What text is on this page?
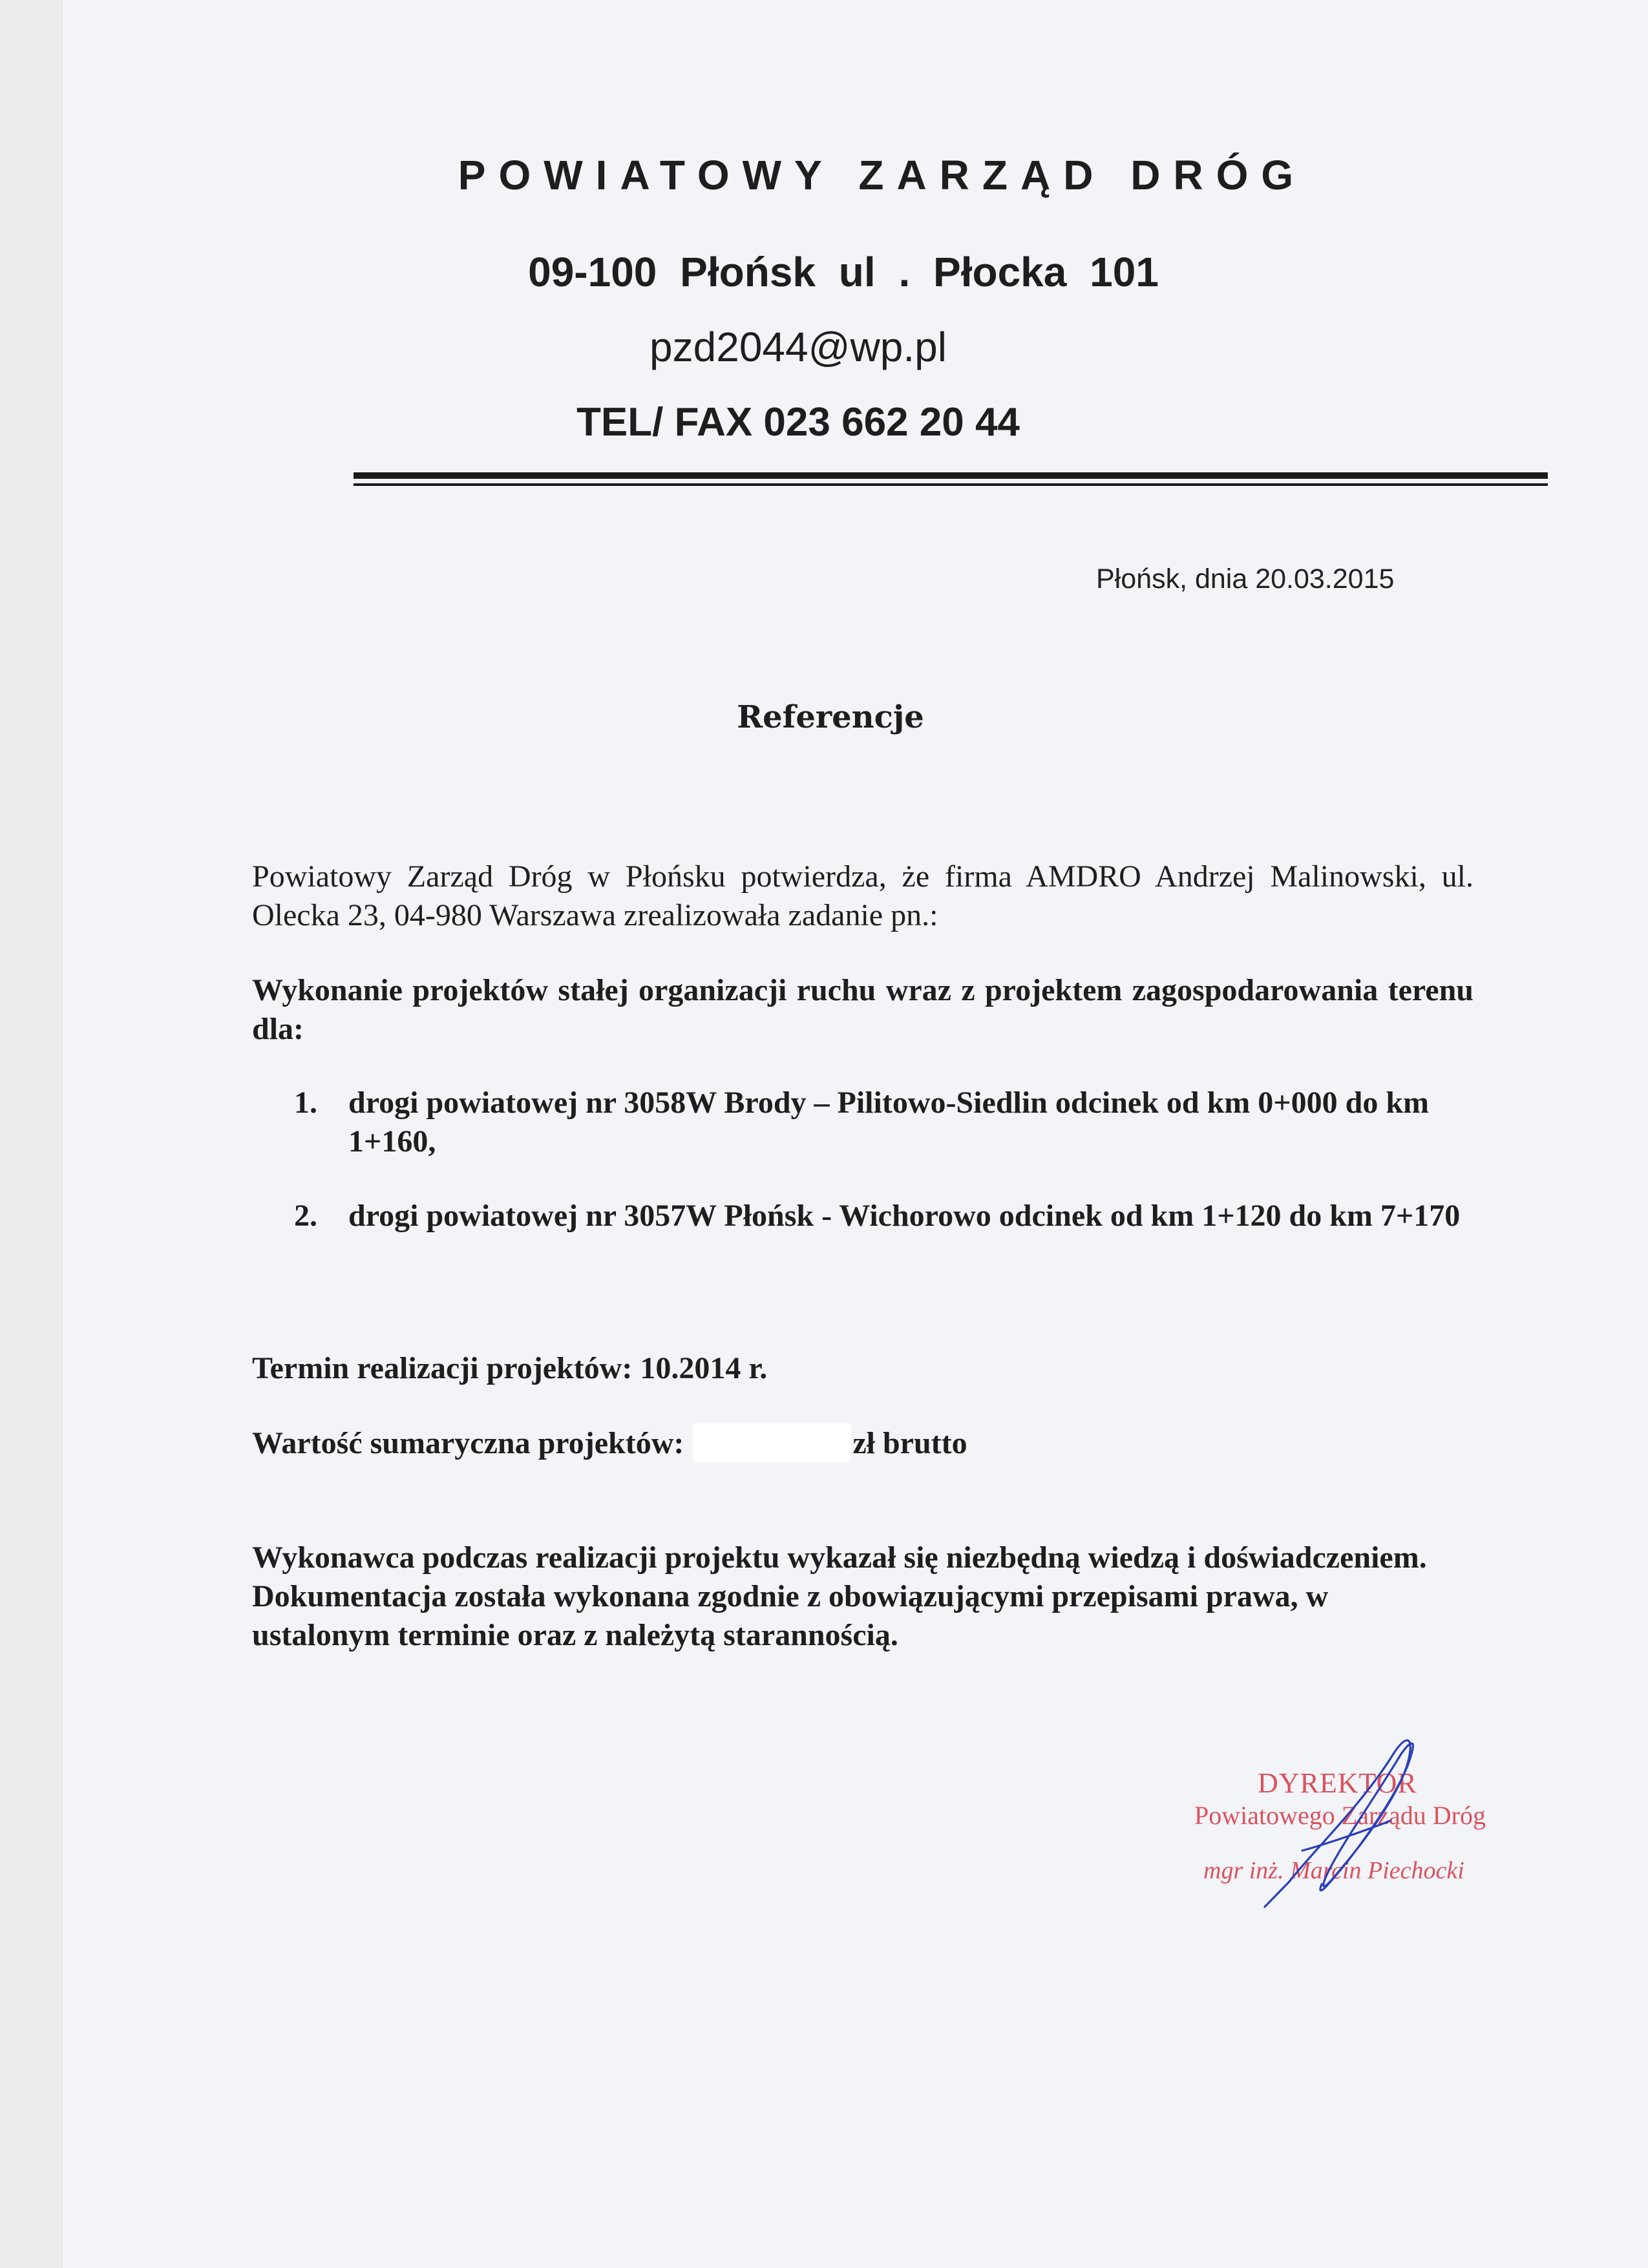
POWIATOWY ZARZĄD DRÓG
09-100 Płońsk ul . Płocka 101
pzd2044@wp.pl
TEL/ FAX 023 662 20 44
Płońsk, dnia 20.03.2015
Referencje
Powiatowy Zarząd Dróg w Płońsku potwierdza, że firma AMDRO Andrzej Malinowski, ul. Olecka 23, 04-980 Warszawa zrealizowała zadanie pn.:
Wykonanie projektów stałej organizacji ruchu wraz z projektem zagospodarowania terenu dla:
1.	drogi powiatowej nr 3058W Brody – Pilitowo-Siedlin odcinek od km 0+000 do km 1+160,
2.	drogi powiatowej nr 3057W Płońsk - Wichorowo odcinek od km 1+120 do km 7+170
Termin realizacji projektów: 10.2014 r.
Wartość sumaryczna projektów:	zł brutto
Wykonawca podczas realizacji projektu wykazał się niezbędną wiedzą i doświadczeniem. Dokumentacja została wykonana zgodnie z obowiązującymi przepisami prawa, w ustalonym terminie oraz z należytą starannością.
DYREKTOR
Powiatowego Zarządu Dróg
mgr inż. Marcin Piechocki
